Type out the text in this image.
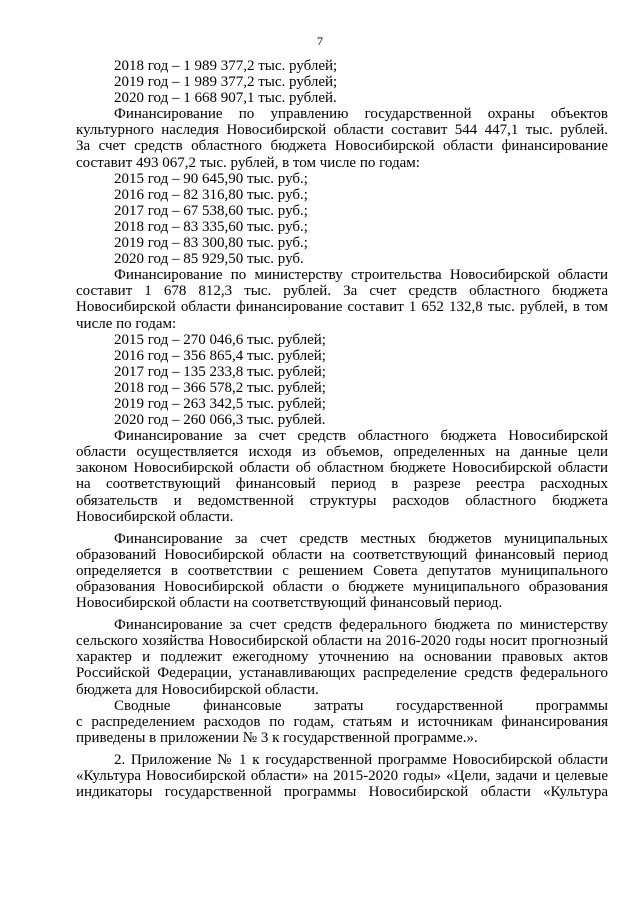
7
2018 год – 1 989 377,2 тыс. рублей;
2019 год – 1 989 377,2 тыс. рублей;
2020 год – 1 668 907,1 тыс. рублей.
Финансирование по управлению государственной охраны объектов
культурного наследия Новосибирской области составит 544 447,1 тыс. рублей.
За счет средств областного бюджета Новосибирской области финансирование
составит 493 067,2 тыс. рублей, в том числе по годам:
2015 год – 90 645,90 тыс. руб.;
2016 год – 82 316,80 тыс. руб.;
2017 год – 67 538,60 тыс. руб.;
2018 год – 83 335,60 тыс. руб.;
2019 год – 83 300,80 тыс. руб.;
2020 год – 85 929,50 тыс. руб.
Финансирование по министерству строительства Новосибирской области
составит 1 678 812,3 тыс. рублей. За счет средств областного бюджета
Новосибирской области финансирование составит 1 652 132,8 тыс. рублей, в том
числе по годам:
2015 год – 270 046,6 тыс. рублей;
2016 год – 356 865,4 тыс. рублей;
2017 год – 135 233,8 тыс. рублей;
2018 год – 366 578,2 тыс. рублей;
2019 год – 263 342,5 тыс. рублей;
2020 год – 260 066,3 тыс. рублей.
Финансирование за счет средств областного бюджета Новосибирской
области осуществляется исходя из объемов, определенных на данные цели
законом Новосибирской области об областном бюджете Новосибирской области
на соответствующий финансовый период в разрезе реестра расходных
обязательств и ведомственной структуры расходов областного бюджета
Новосибирской области.
Финансирование за счет средств местных бюджетов муниципальных
образований Новосибирской области на соответствующий финансовый период
определяется в соответствии с решением Совета депутатов муниципального
образования Новосибирской области о бюджете муниципального образования
Новосибирской области на соответствующий финансовый период.
Финансирование за счет средств федерального бюджета по министерству
сельского хозяйства Новосибирской области на 2016-2020 годы носит прогнозный
характер и подлежит ежегодному уточнению на основании правовых актов
Российской Федерации, устанавливающих распределение средств федерального
бюджета для Новосибирской области.
Сводные финансовые затраты государственной программы
с распределением расходов по годам, статьям и источникам финансирования
приведены в приложении № 3 к государственной программе.».
2. Приложение № 1 к государственной программе Новосибирской области
«Культура Новосибирской области» на 2015-2020 годы» «Цели, задачи и целевые
индикаторы государственной программы Новосибирской области «Культура
